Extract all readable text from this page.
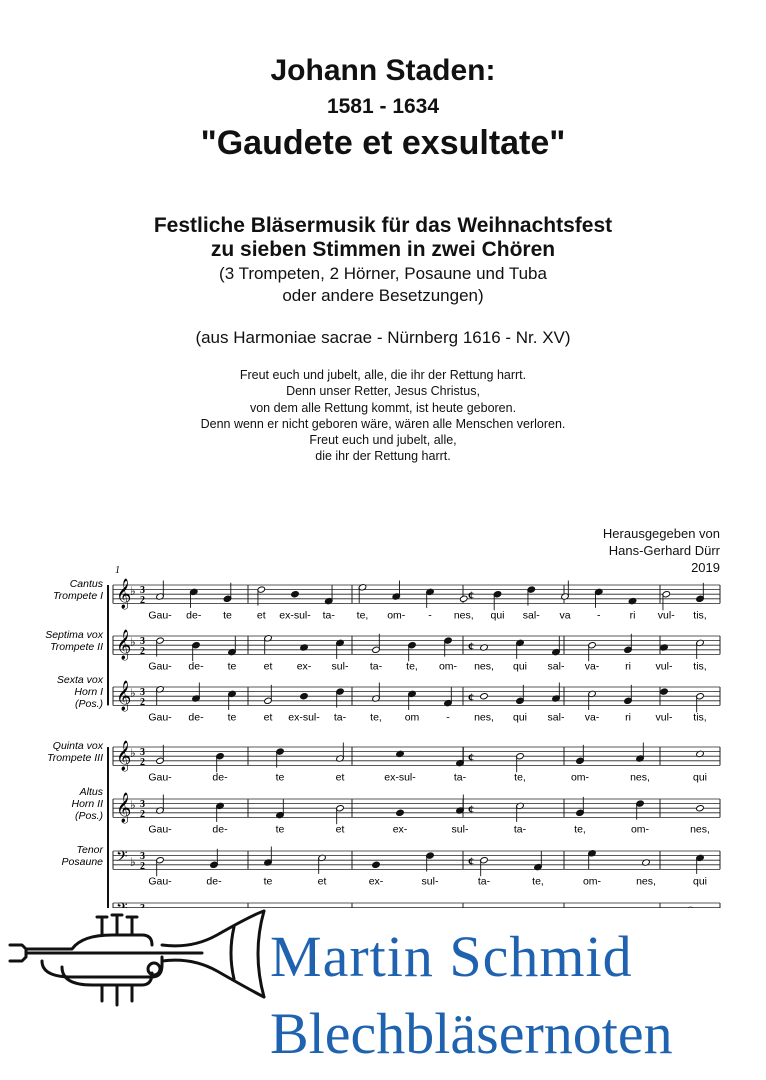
Johann Staden:
1581 - 1634
"Gaudete et exsultate"
Festliche Bläsermusik für das Weihnachtsfest
zu sieben Stimmen in zwei Chören
(3 Trompeten, 2 Hörner, Posaune und Tuba
oder andere Besetzungen)
(aus Harmoniae sacrae - Nürnberg 1616 - Nr. XV)
Freut euch und jubelt, alle, die ihr der Rettung harrt.
Denn unser Retter, Jesus Christus,
von dem alle Rettung kommt, ist heute geboren.
Denn wenn er nicht geboren wäre, wären alle Menschen verloren.
Freut euch und jubelt, alle,
die ihr der Rettung harrt.
Herausgegeben von
Hans-Gerhard Dürr
2019
1
𝄞
♭ 3
2	¢
Cantus
Trompete I
Gau- de- te et ex-sul- ta- te, om- - nes, qui sal- va	-	ri vul- tis,
𝄞
♭ 3
2	¢
Septima vox
Trompete II
Gau- de- te	et ex- sul- ta- te, om- nes, qui sal- va- ri vul- tis,
𝄞
♭ 3
2	¢
Sexta vox
Horn I
(Pos.)
Gau- de- te	et ex-sul- ta- te, om	- nes, qui sal- va- ri vul- tis,
𝄞
♭ 3
2	¢
Quinta vox
Trompete III
Gau-	de-	te	et	ex-sul-	ta-	te,	om-	nes,	qui
𝄞
♭ 3
2	¢
Altus
Horn II
(Pos.)
Gau-	de-	te	et	ex-	sul-	ta-	te,	om-	nes,
𝄢 ♭ 3
2	¢
Tenor
Posaune
Gau-	de-	te	et	ex-	sul-	ta-	te,	om-	nes,	qui
Martin Schmid
Blechbläsernoten
